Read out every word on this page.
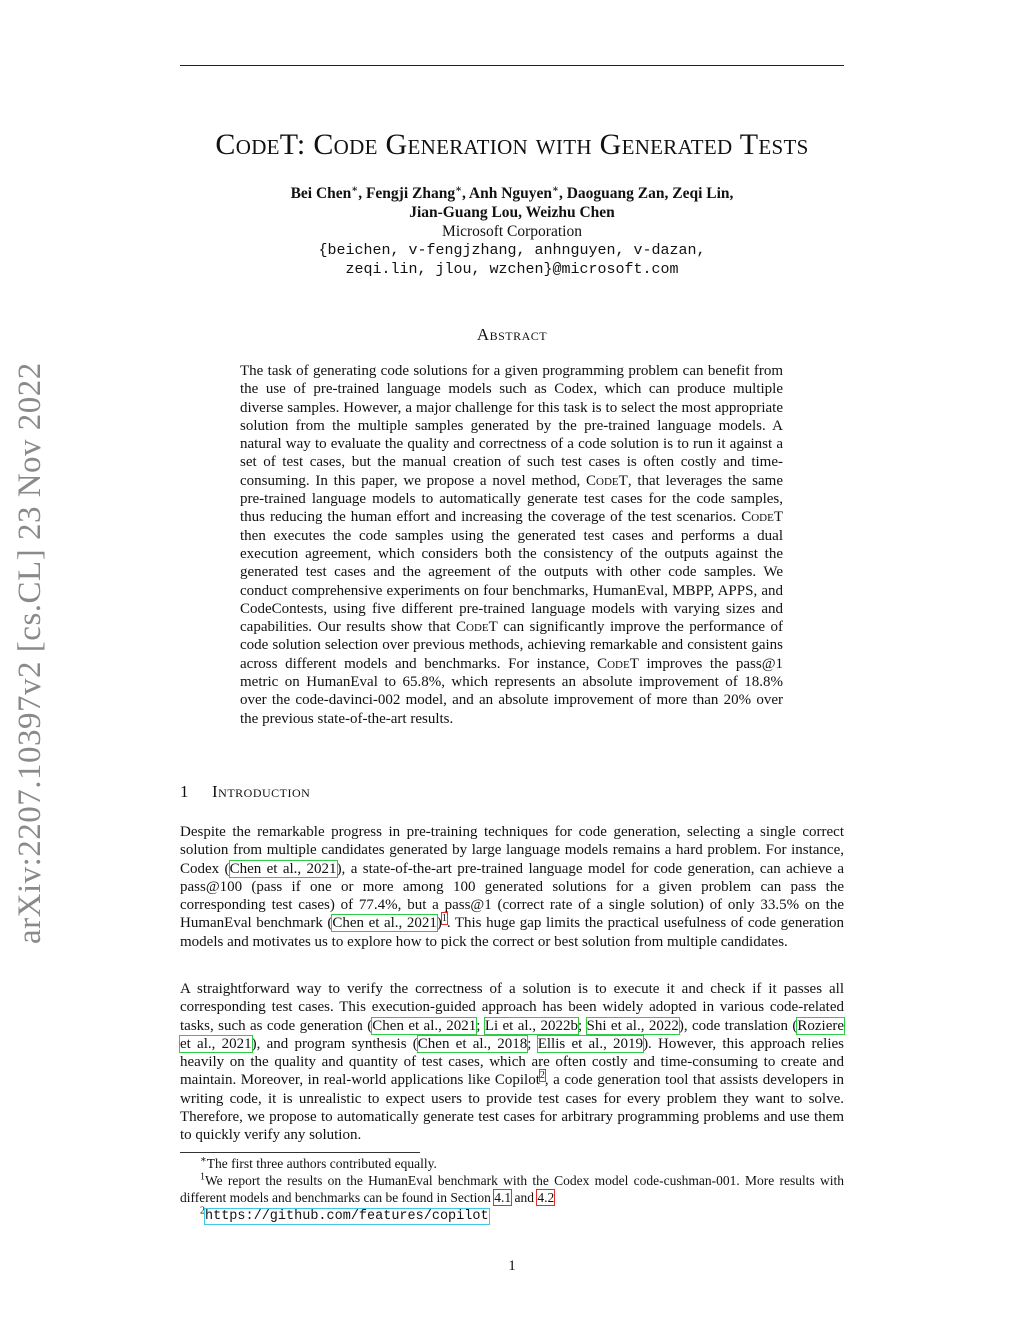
CodeT: Code Generation with Generated Tests
Bei Chen∗, Fengji Zhang∗, Anh Nguyen∗, Daoguang Zan, Zeqi Lin,
Jian-Guang Lou, Weizhu Chen
Microsoft Corporation
{beichen, v-fengjzhang, anhnguyen, v-dazan,
zeqi.lin, jlou, wzchen}@microsoft.com
Abstract
The task of generating code solutions for a given programming problem can benefit from the use of pre-trained language models such as Codex, which can produce multiple diverse samples. However, a major challenge for this task is to select the most appropriate solution from the multiple samples generated by the pre-trained language models. A natural way to evaluate the quality and correctness of a code solution is to run it against a set of test cases, but the manual creation of such test cases is often costly and time-consuming. In this paper, we propose a novel method, CodeT, that leverages the same pre-trained language models to automatically generate test cases for the code samples, thus reducing the human effort and increasing the coverage of the test scenarios. CodeT then executes the code samples using the generated test cases and performs a dual execution agreement, which considers both the consistency of the outputs against the generated test cases and the agreement of the outputs with other code samples. We conduct comprehensive experiments on four benchmarks, HumanEval, MBPP, APPS, and CodeContests, using five different pre-trained language models with varying sizes and capabilities. Our results show that CodeT can significantly improve the performance of code solution selection over previous methods, achieving remarkable and consistent gains across different models and benchmarks. For instance, CodeT improves the pass@1 metric on HumanEval to 65.8%, which represents an absolute improvement of 18.8% over the code-davinci-002 model, and an absolute improvement of more than 20% over the previous state-of-the-art results.
arXiv:2207.10397v2 [cs.CL] 23 Nov 2022	1 Introduction
Despite the remarkable progress in pre-training techniques for code generation, selecting a single correct solution from multiple candidates generated by large language models remains a hard problem. For instance, Codex (Chen et al., 2021), a state-of-the-art pre-trained language model for code generation, can achieve a pass@100 (pass if one or more among 100 generated solutions for a given problem can pass the corresponding test cases) of 77.4%, but a pass@1 (correct rate of a single solution) of only 33.5% on the HumanEval benchmark (Chen et al., 2021)$^1$. This huge gap limits the practical usefulness of code generation models and motivates us to explore how to pick the correct or best solution from multiple candidates.
A straightforward way to verify the correctness of a solution is to execute it and check if it passes all corresponding test cases. This execution-guided approach has been widely adopted in various code-related tasks, such as code generation (Chen et al., 2021; Li et al., 2022b; Shi et al., 2022), code translation (Roziere et al., 2021), and program synthesis (Chen et al., 2018; Ellis et al., 2019). However, this approach relies heavily on the quality and quantity of test cases, which are often costly and time-consuming to create and maintain. Moreover, in real-world applications like Copilot$^2$, a code generation tool that assists developers in writing code, it is unrealistic to expect users to provide test cases for every problem they want to solve. Therefore, we propose to automatically generate test cases for arbitrary programming problems and use them to quickly verify any solution.
∗The first three authors contributed equally.
$^1$We report the results on the HumanEval benchmark with the Codex model code-cushman-001. More results with different models and benchmarks can be found in Section 4.1 and 4.2
$^2$https://github.com/features/copilot
1
